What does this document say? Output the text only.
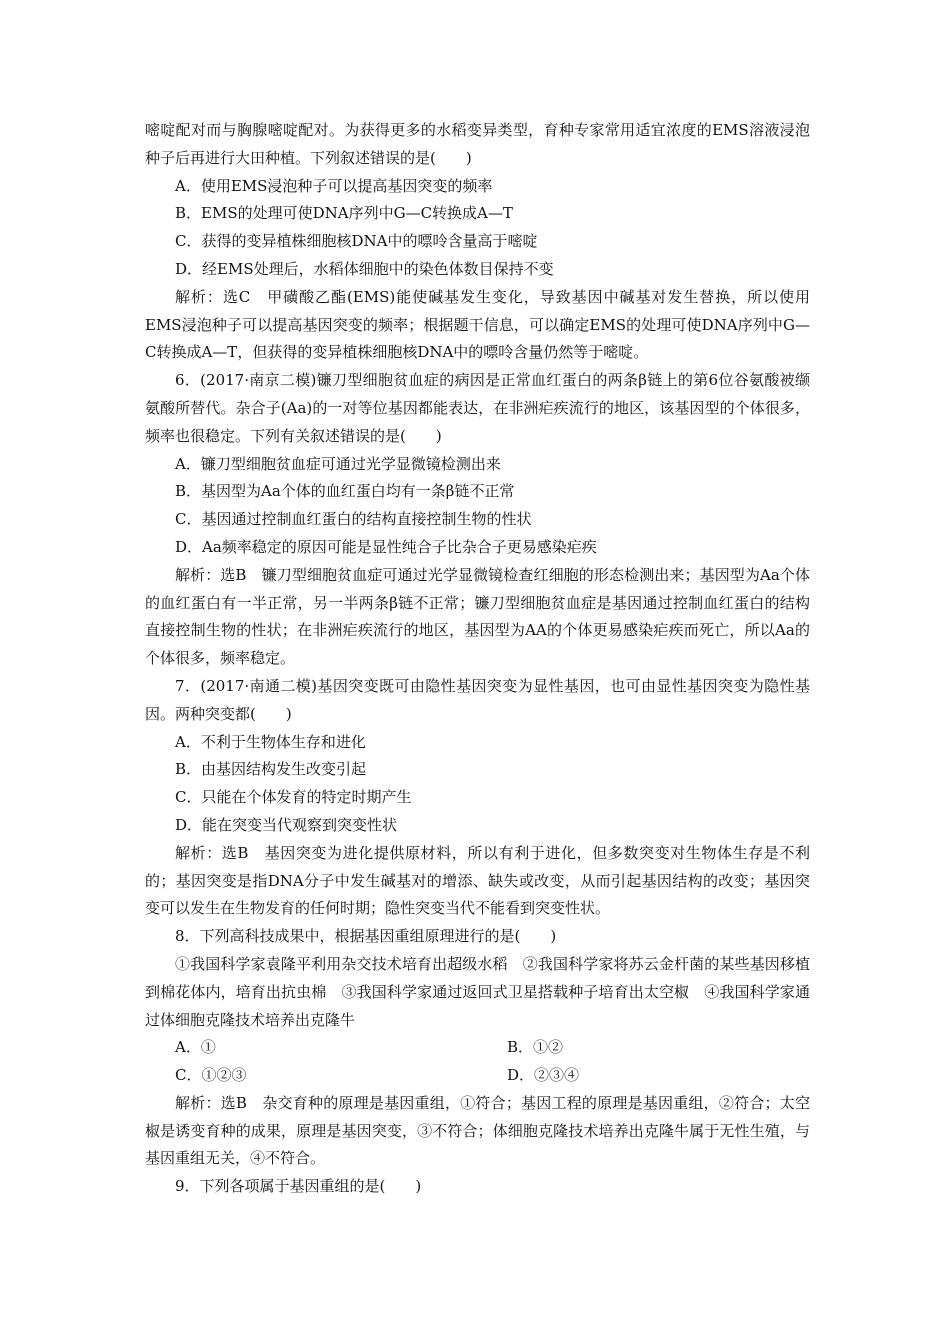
嘧啶配对而与胸腺嘧啶配对。为获得更多的水稻变异类型，育种专家常用适宜浓度的EMS溶液浸泡种子后再进行大田种植。下列叙述错误的是(　　)

A．使用EMS浸泡种子可以提高基因突变的频率

B．EMS的处理可使DNA序列中G—C转换成A—T

C．获得的变异植株细胞核DNA中的嘌呤含量高于嘧啶

D．经EMS处理后，水稻体细胞中的染色体数目保持不变

解析：选C　甲磺酸乙酯(EMS)能使碱基发生变化，导致基因中碱基对发生替换，所以使用EMS浸泡种子可以提高基因突变的频率；根据题干信息，可以确定EMS的处理可使DNA序列中G—C转换成A—T，但获得的变异植株细胞核DNA中的嘌呤含量仍然等于嘧啶。

6．(2017·南京二模)镰刀型细胞贫血症的病因是正常血红蛋白的两条β链上的第6位谷氨酸被缬氨酸所替代。杂合子(Aa)的一对等位基因都能表达，在非洲疟疾流行的地区，该基因型的个体很多，频率也很稳定。下列有关叙述错误的是(　　)

A．镰刀型细胞贫血症可通过光学显微镜检测出来

B．基因型为Aa个体的血红蛋白均有一条β链不正常

C．基因通过控制血红蛋白的结构直接控制生物的性状

D．Aa频率稳定的原因可能是显性纯合子比杂合子更易感染疟疾

解析：选B　镰刀型细胞贫血症可通过光学显微镜检查红细胞的形态检测出来；基因型为Aa个体的血红蛋白有一半正常，另一半两条β链不正常；镰刀型细胞贫血症是基因通过控制血红蛋白的结构直接控制生物的性状；在非洲疟疾流行的地区，基因型为AA的个体更易感染疟疾而死亡，所以Aa的个体很多，频率稳定。

7．(2017·南通二模)基因突变既可由隐性基因突变为显性基因，也可由显性基因突变为隐性基因。两种突变都(　　)

A．不利于生物体生存和进化

B．由基因结构发生改变引起

C．只能在个体发育的特定时期产生

D．能在突变当代观察到突变性状

解析：选B　基因突变为进化提供原材料，所以有利于进化，但多数突变对生物体生存是不利的；基因突变是指DNA分子中发生碱基对的增添、缺失或改变，从而引起基因结构的改变；基因突变可以发生在生物发育的任何时期；隐性突变当代不能看到突变性状。

8．下列高科技成果中，根据基因重组原理进行的是(　　)

①我国科学家袁隆平利用杂交技术培育出超级水稻　②我国科学家将苏云金杆菌的某些基因移植到棉花体内，培育出抗虫棉　③我国科学家通过返回式卫星搭载种子培育出太空椒　④我国科学家通过体细胞克隆技术培养出克隆牛

A．①	B．①②
C．①②③	D．②③④

解析：选B　杂交育种的原理是基因重组，①符合；基因工程的原理是基因重组，②符合；太空椒是诱变育种的成果，原理是基因突变，③不符合；体细胞克隆技术培养出克隆牛属于无性生殖，与基因重组无关，④不符合。

9．下列各项属于基因重组的是(　　)
